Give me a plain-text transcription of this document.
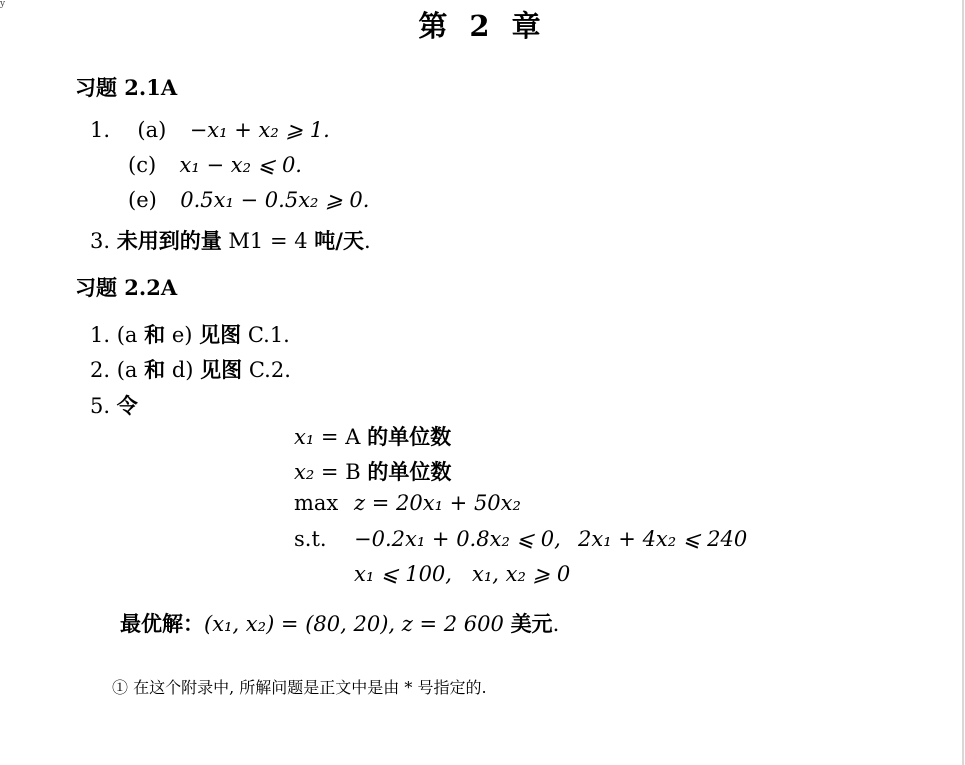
y
第 2 章
习题 2.1A
1. (a) −x₁ + x₂ ⩾ 1.
(c) x₁ − x₂ ⩽ 0.
(e) 0.5x₁ − 0.5x₂ ⩾ 0.
3. 未用到的量 M1 = 4 吨/天.
习题 2.2A
1. (a 和 e) 见图 C.1.
2. (a 和 d) 见图 C.2.
5. 令
x₁ = A 的单位数
x₂ = B 的单位数
max z = 20x₁ + 50x₂
s.t. −0.2x₁ + 0.8x₂ ⩽ 0, 2x₁ + 4x₂ ⩽ 240
x₁ ⩽ 100, x₁, x₂ ⩾ 0
最优解：(x₁, x₂) = (80, 20), z = 2 600 美元.
① 在这个附录中, 所解问题是正文中是由 * 号指定的.
